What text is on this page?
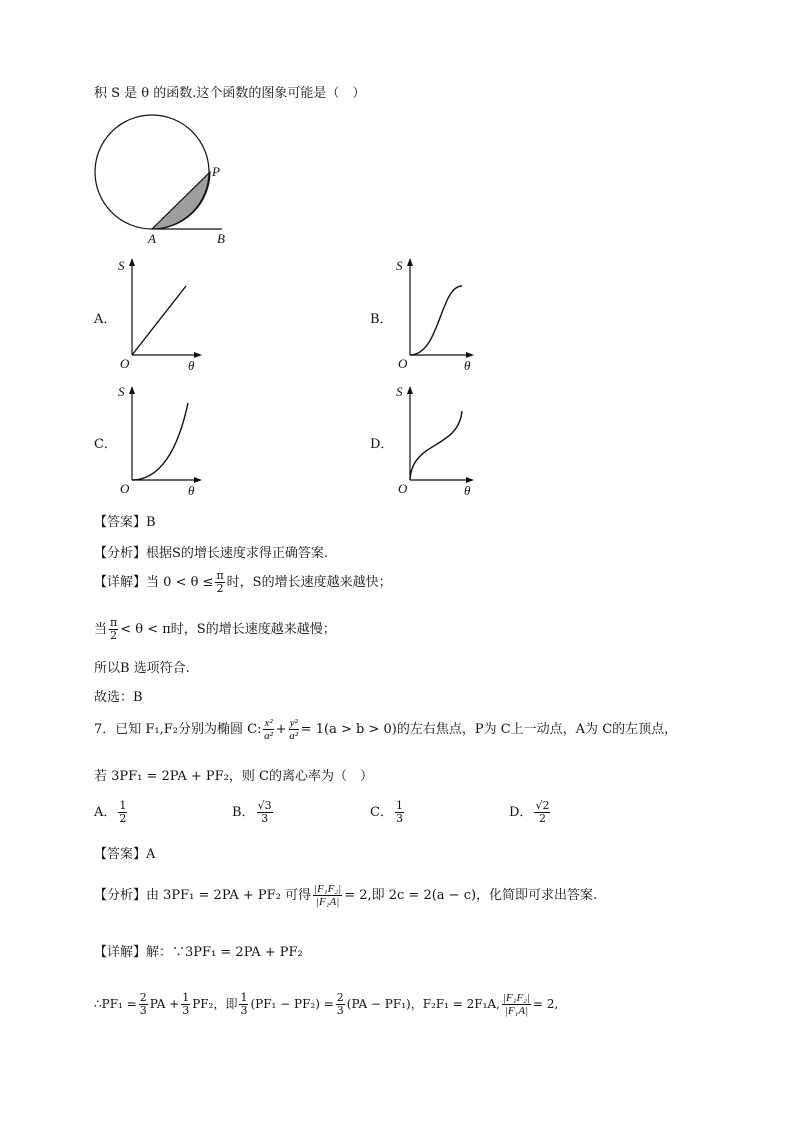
积 S 是 θ 的函数.这个函数的图象可能是（　）
P
A	B
S
θ
O
S
θ
O
S
θ
O
S
θ
O
A．	B．
C．	D．
【答案】B
【分析】根据S的增长速度求得正确答案.
【详解】当 $0 < \theta \le \frac{\pi}{2}$ 时，S的增长速度越来越快；
当 $\frac{\pi}{2} < \theta < \pi$时，S的增长速度越来越慢；
所以B 选项符合.
故选：B
7．已知 F₁,F₂分别为椭圆 C: $\frac{\text{x²}}{\text{a²}} + \frac{\text{y²}}{\text{a²}} = 1(a > b > 0)$的左右焦点，P为 C上一动点，A为 C的左顶点，
若 3PF₁ = 2PA + PF₂，则 C的离心率为（　）
A． $\frac{1}{2}$	B． $\frac{√3}{3}$	C． $\frac{1}{3}$	D． $\frac{√2}{2}$
【答案】A
【分析】由 3PF₁ = 2PA + PF₂ 可得 $\frac{\text{|F₁F₂|}}{\text{|F₁A|}} = 2$,即 2c = 2(a − c)，化简即可求出答案.
【详解】解：∵3PF₁ = 2PA + PF₂
∴PF₁ = $\frac{2}{3}$ PA + $\frac{1}{3} PF_2$，即 $\frac{1}{3} (PF_1 - PF_2) = \frac{2}{3} (PA - PF_1)$，F₂F₁ = 2F₁A, $\frac{\text{|F₁F₂|}}{\text{|F₁A|}} = 2$,
